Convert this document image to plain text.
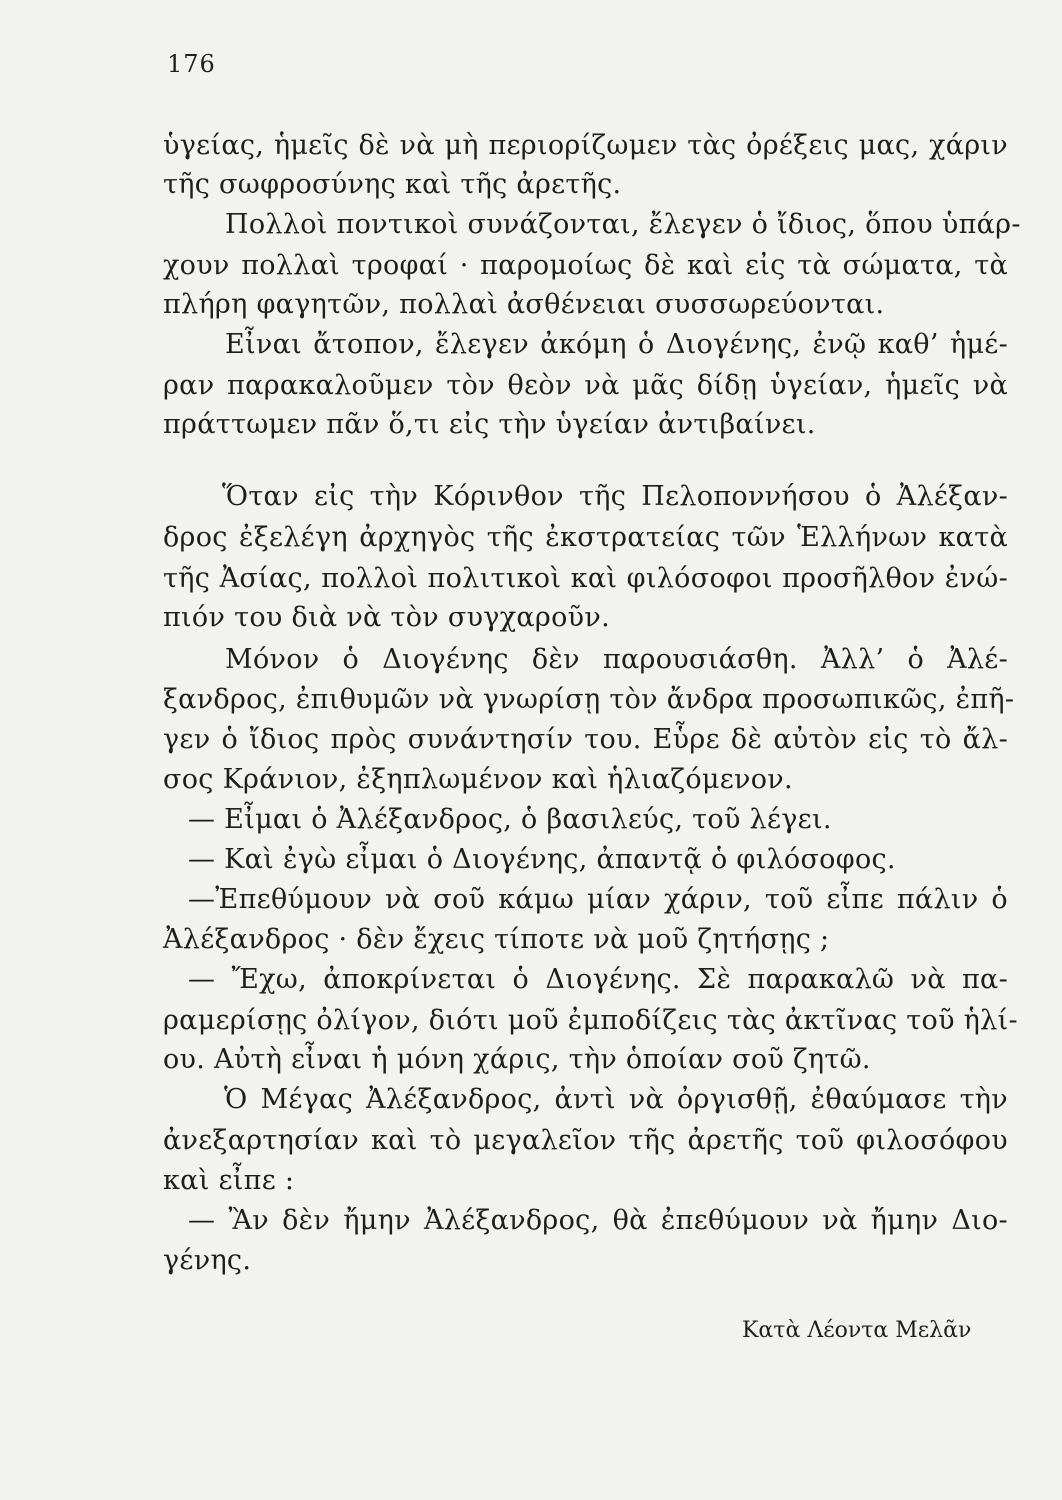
176
ὑγείας, ἡμεῖς δὲ νὰ μὴ περιορίζωμεν τὰς ὀρέξεις μας, χάριν
τῆς σωφροσύνης καὶ τῆς ἀρετῆς.
Πολλοὶ ποντικοὶ συνάζονται, ἔλεγεν ὁ ἴδιος, ὅπου ὑπάρ-
χουν πολλαὶ τροφαί · παρομοίως δὲ καὶ εἰς τὰ σώματα, τὰ
πλήρη φαγητῶν, πολλαὶ ἀσθένειαι συσσωρεύονται.
Εἶναι ἄτοπον, ἔλεγεν ἀκόμη ὁ Διογένης, ἐνῷ καθ’ ἡμέ-
ραν παρακαλοῦμεν τὸν θεὸν νὰ μᾶς δίδῃ ὑγείαν, ἡμεῖς νὰ
πράττωμεν πᾶν ὅ,τι εἰς τὴν ὑγείαν ἀντιβαίνει.
Ὅταν εἰς τὴν Κόρινθον τῆς Πελοποννήσου ὁ Ἀλέξαν-
δρος ἐξελέγη ἀρχηγὸς τῆς ἐκστρατείας τῶν Ἑλλήνων κατὰ
τῆς Ἀσίας, πολλοὶ πολιτικοὶ καὶ φιλόσοφοι προσῆλθον ἐνώ-
πιόν του διὰ νὰ τὸν συγχαροῦν.
Μόνον ὁ Διογένης δὲν παρουσιάσθη. Ἀλλ’ ὁ Ἀλέ-
ξανδρος, ἐπιθυμῶν νὰ γνωρίσῃ τὸν ἄνδρα προσωπικῶς, ἐπῆ-
γεν ὁ ἴδιος πρὸς συνάντησίν του. Εὗρε δὲ αὐτὸν εἰς τὸ ἄλ-
σος Κράνιον, ἐξηπλωμένον καὶ ἡλιαζόμενον.
— Εἶμαι ὁ Ἀλέξανδρος, ὁ βασιλεύς, τοῦ λέγει.
— Καὶ ἐγὼ εἶμαι ὁ Διογένης, ἀπαντᾷ ὁ φιλόσοφος.
—Ἐπεθύμουν νὰ σοῦ κάμω μίαν χάριν, τοῦ εἶπε πάλιν ὁ
Ἀλέξανδρος · δὲν ἔχεις τίποτε νὰ μοῦ ζητήσῃς ;
— Ἔχω, ἀποκρίνεται ὁ Διογένης. Σὲ παρακαλῶ νὰ πα-
ραμερίσῃς ὀλίγον, διότι μοῦ ἐμποδίζεις τὰς ἀκτῖνας τοῦ ἡλί-
ου. Αὐτὴ εἶναι ἡ μόνη χάρις, τὴν ὁποίαν σοῦ ζητῶ.
Ὁ Μέγας Ἀλέξανδρος, ἀντὶ νὰ ὀργισθῇ, ἐθαύμασε τὴν
ἀνεξαρτησίαν καὶ τὸ μεγαλεῖον τῆς ἀρετῆς τοῦ φιλοσόφου
καὶ εἶπε :
— Ἂν δὲν ἤμην Ἀλέξανδρος, θὰ ἐπεθύμουν νὰ ἤμην Διο-
γένης.
Κατὰ Λέοντα Μελᾶν
